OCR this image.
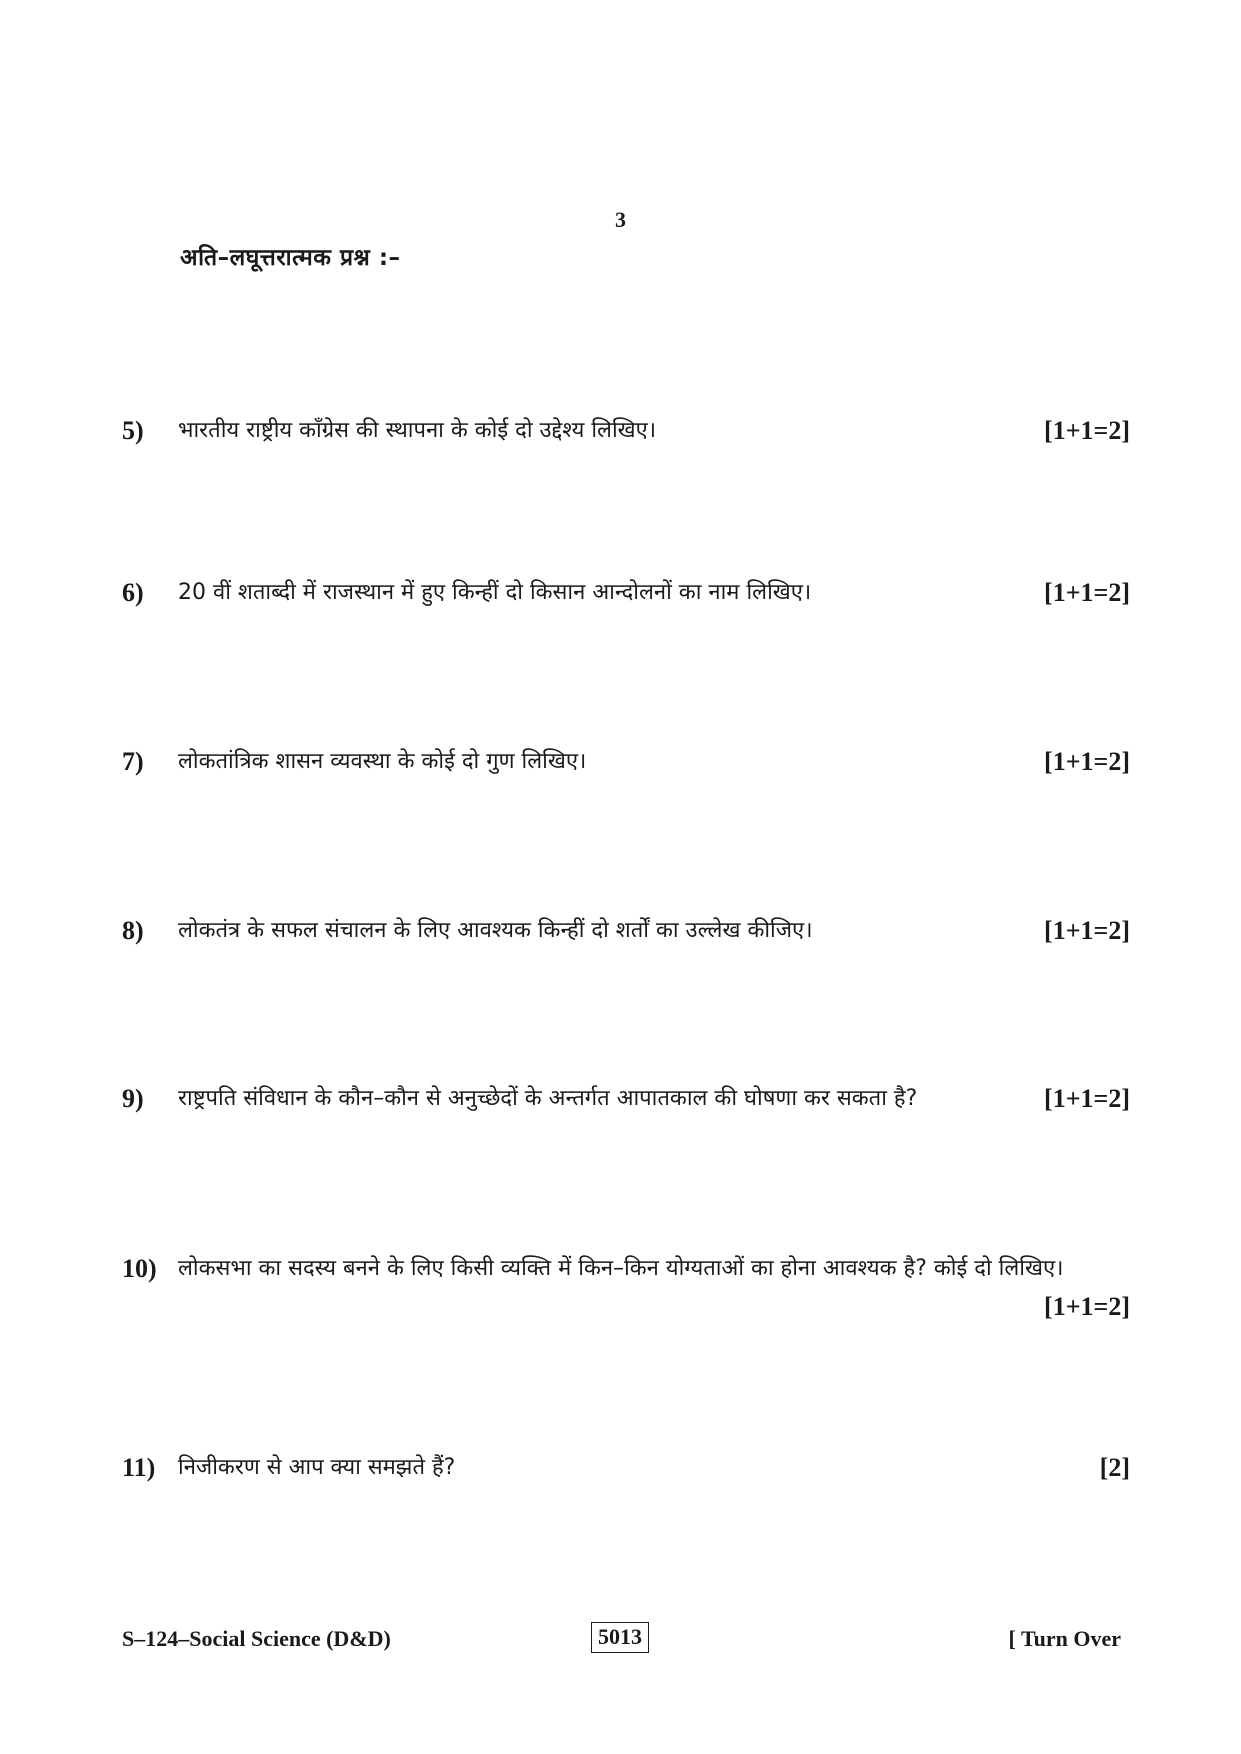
3
अति–लघूत्तरात्मक प्रश्न :–
5) भारतीय राष्ट्रीय कॉंग्रेस की स्थापना के कोई दो उद्देश्य लिखिए।	[1+1=2]
6) 20 वीं शताब्दी में राजस्थान में हुए किन्हीं दो किसान आन्दोलनों का नाम लिखिए।	[1+1=2]
7) लोकतांत्रिक शासन व्यवस्था के कोई दो गुण लिखिए।	[1+1=2]
8) लोकतंत्र के सफल संचालन के लिए आवश्यक किन्हीं दो शर्तों का उल्लेख कीजिए।	[1+1=2]
9) राष्ट्रपति संविधान के कौन–कौन से अनुच्छेदों के अन्तर्गत आपातकाल की घोषणा कर सकता है?	[1+1=2]
10) लोकसभा का सदस्य बनने के लिए किसी व्यक्ति में किन–किन योग्यताओं का होना आवश्यक है? कोई दो लिखिए।
[1+1=2]
11) निजीकरण से आप क्या समझते हैं?	[2]
S–124–Social Science (D&D)	5013	[ Turn Over
